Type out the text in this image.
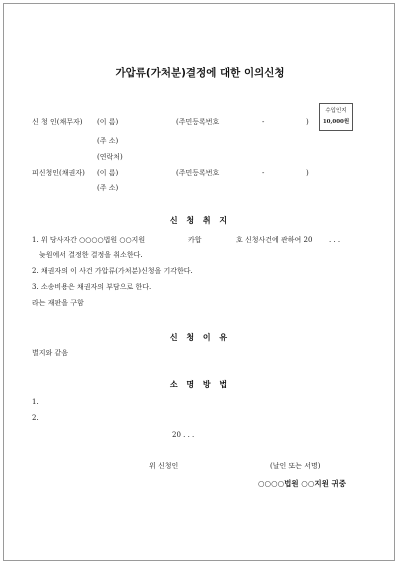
가압류(가처분)결정에 대한 이의신청
수입인지
10,000원
신 청 인(채무자) (이 름)	(주민등록번호	-	)
(주 소)
(연락처)
피신청인(채권자) (이 름)	(주민등록번호	-	)
(주 소)
신 청 취 지
1. 위 당사자간 ○○○○법원 ○○지원	카합	호 신청사건에 관하여 20 . . .
늦원에서 결정한 결정을 취소한다.
2. 채권자의 이 사건 가압류(가처분)신청을 기각한다.
3. 소송비용은 채권자의 부담으로 한다.
라는 재판을 구함
신 청 이 유
별지와 같음
소 명 방 법
1.
2.
20 . . .
위 신청인	(날인 또는 서명)
○○○○법원 ○○지원 귀중
